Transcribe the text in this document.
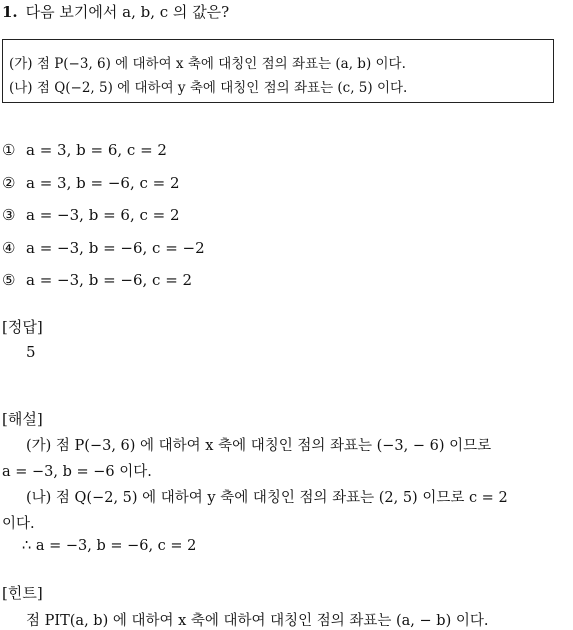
1. 다음 보기에서 a, b, c 의 값은?
(가) 점 P(−3, 6) 에 대하여 x 축에 대칭인 점의 좌표는 (a, b) 이다.
(나) 점 Q(−2, 5) 에 대하여 y 축에 대칭인 점의 좌표는 (c, 5) 이다.
① a = 3, b = 6, c = 2
② a = 3, b = −6, c = 2
③ a = −3, b = 6, c = 2
④ a = −3, b = −6, c = −2
⑤ a = −3, b = −6, c = 2
[정답]
5
[해설]
(가) 점 P(−3, 6) 에 대하여 x 축에 대칭인 점의 좌표는 (−3, − 6) 이므로
a = −3, b = −6 이다.
(나) 점 Q(−2, 5) 에 대하여 y 축에 대칭인 점의 좌표는 (2, 5) 이므로 c = 2
이다.
∴ a = −3, b = −6, c = 2
[힌트]
점 PIT(a, b) 에 대하여 x 축에 대하여 대칭인 점의 좌표는 (a, − b) 이다.
